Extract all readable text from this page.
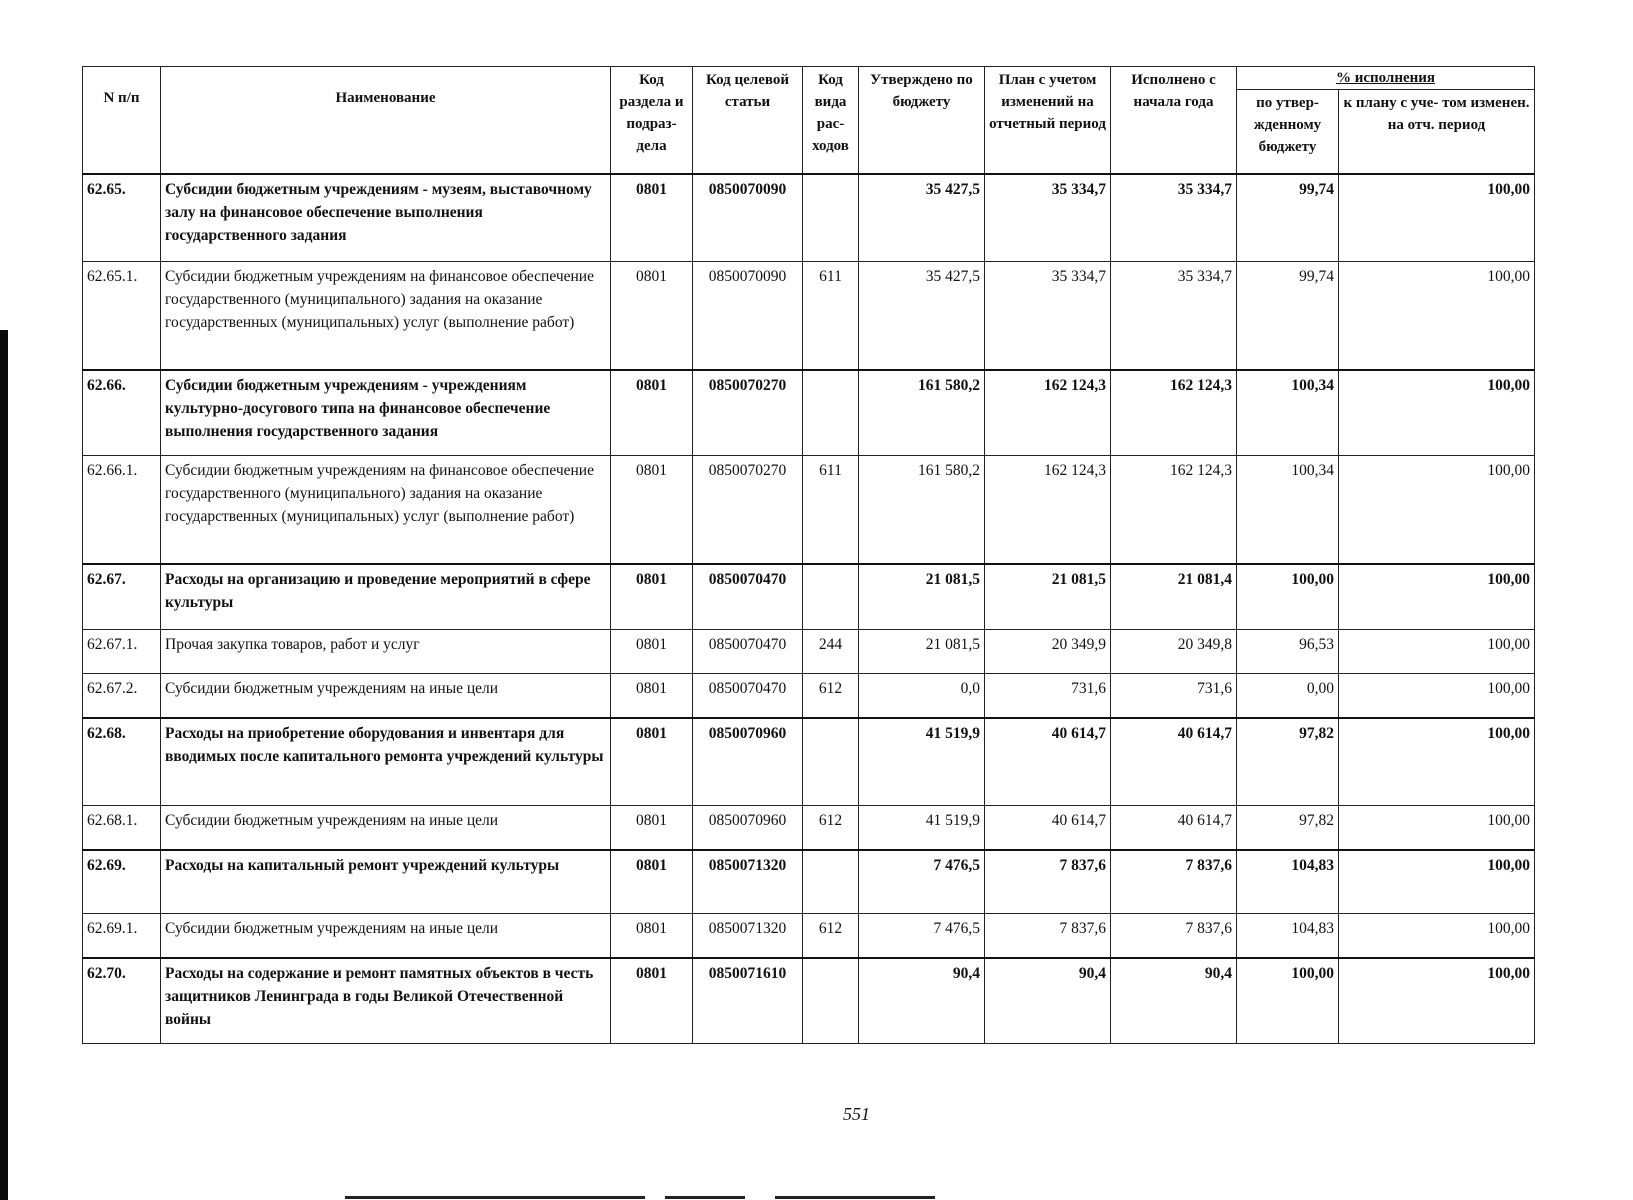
N п/п	Наименование	Код раздела и подраз- дела	Код целевой статьи	Код вида рас- ходов	Утверждено по бюджету	План с учетом изменений на отчетный период	Исполнено с начала года	% исполнения	
								по утвер- жденному бюджету	к плану с уче- том изменен. на отч. период
62.65.	Субсидии бюджетным учреждениям - музеям, выставочному залу на финансовое обеспечение выполнения государственного задания	0801	0850070090		35 427,5	35 334,7	35 334,7	99,74	100,00
62.65.1.	Субсидии бюджетным учреждениям на финансовое обеспечение государственного (муниципального) задания на оказание государственных (муниципальных) услуг (выполнение работ)	0801	0850070090	611	35 427,5	35 334,7	35 334,7	99,74	100,00
62.66.	Субсидии бюджетным учреждениям - учреждениям культурно-досугового типа на финансовое обеспечение выполнения государственного задания	0801	0850070270		161 580,2	162 124,3	162 124,3	100,34	100,00
62.66.1.	Субсидии бюджетным учреждениям на финансовое обеспечение государственного (муниципального) задания на оказание государственных (муниципальных) услуг (выполнение работ)	0801	0850070270	611	161 580,2	162 124,3	162 124,3	100,34	100,00
62.67.	Расходы на организацию и проведение мероприятий в сфере культуры	0801	0850070470		21 081,5	21 081,5	21 081,4	100,00	100,00
62.67.1.	Прочая закупка товаров, работ и услуг	0801	0850070470	244	21 081,5	20 349,9	20 349,8	96,53	100,00
62.67.2.	Субсидии бюджетным учреждениям на иные цели	0801	0850070470	612	0,0	731,6	731,6	0,00	100,00
62.68.	Расходы на приобретение оборудования и инвентаря для вводимых после капитального ремонта учреждений культуры	0801	0850070960		41 519,9	40 614,7	40 614,7	97,82	100,00
62.68.1.	Субсидии бюджетным учреждениям на иные цели	0801	0850070960	612	41 519,9	40 614,7	40 614,7	97,82	100,00
62.69.	Расходы на капитальный ремонт учреждений культуры	0801	0850071320		7 476,5	7 837,6	7 837,6	104,83	100,00
62.69.1.	Субсидии бюджетным учреждениям на иные цели	0801	0850071320	612	7 476,5	7 837,6	7 837,6	104,83	100,00
62.70.	Расходы на содержание и ремонт памятных объектов в честь защитников Ленинграда в годы Великой Отечественной войны	0801	0850071610		90,4	90,4	90,4	100,00	100,00
551
